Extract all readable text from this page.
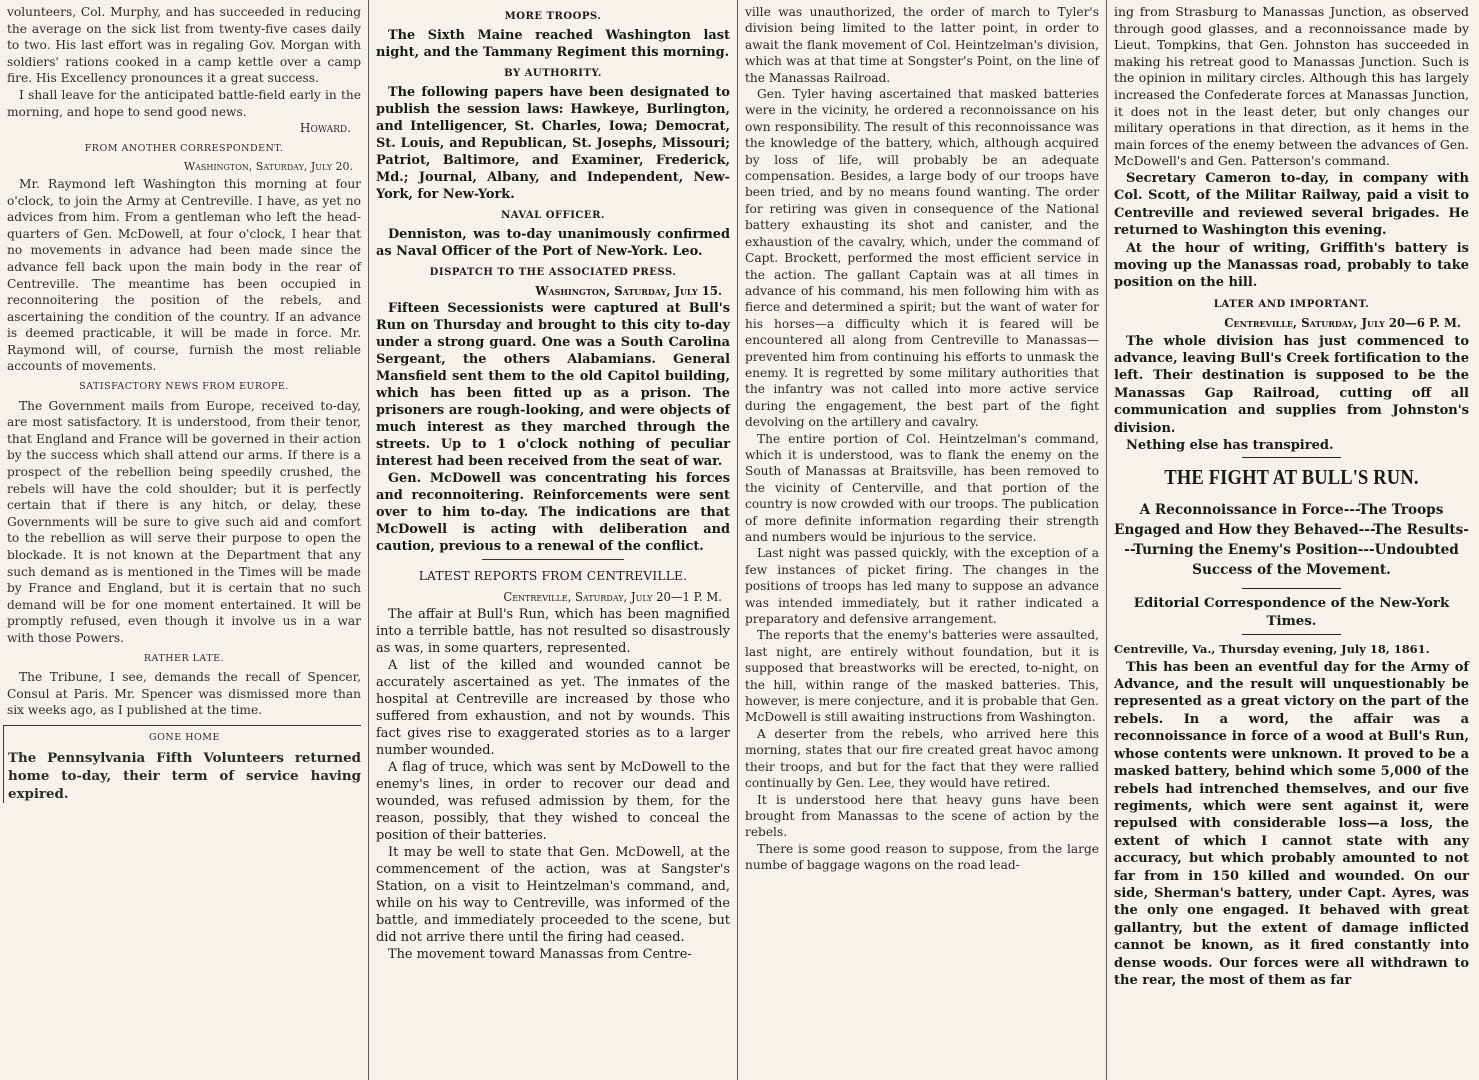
volunteers, Col. Murphy, and has succeeded in reducing the average on the sick list from twenty-five cases daily to two. His last effort was in regaling Gov. Morgan with soldiers' rations cooked in a camp kettle over a camp fire. His Excellency pronounces it a great success.

I shall leave for the anticipated battle-field early in the morning, and hope to send good news.

Howard.

FROM ANOTHER CORRESPONDENT.

Washington, Saturday, July 20.

Mr. Raymond left Washington this morning at four o'clock, to join the Army at Centreville. I have, as yet no advices from him. From a gentleman who left the head-quarters of Gen. McDowell, at four o'clock, I hear that no movements in advance had been made since the advance fell back upon the main body in the rear of Centreville. The meantime has been occupied in reconnoitering the position of the rebels, and ascertaining the condition of the country. If an advance is deemed practicable, it will be made in force. Mr. Raymond will, of course, furnish the most reliable accounts of movements.

SATISFACTORY NEWS FROM EUROPE.

The Government mails from Europe, received to-day, are most satisfactory. It is understood, from their tenor, that England and France will be governed in their action by the success which shall attend our arms. If there is a prospect of the rebellion being speedily crushed, the rebels will have the cold shoulder; but it is perfectly certain that if there is any hitch, or delay, these Governments will be sure to give such aid and comfort to the rebellion as will serve their purpose to open the blockade. It is not known at the Department that any such demand as is mentioned in the Times will be made by France and England, but it is certain that no such demand will be for one moment entertained. It will be promptly refused, even though it involve us in a war with those Powers.

RATHER LATE.

The Tribune, I see, demands the recall of Spencer, Consul at Paris. Mr. Spencer was dismissed more than six weeks ago, as I published at the time.

GONE HOME

The Pennsylvania Fifth Volunteers returned home to-day, their term of service having expired.

MORE TROOPS.

The Sixth Maine reached Washington last night, and the Tammany Regiment this morning.

BY AUTHORITY.

The following papers have been designated to publish the session laws: Hawkeye, Burlington, and Intelligencer, St. Charles, Iowa; Democrat, St. Louis, and Republican, St. Josephs, Missouri; Patriot, Baltimore, and Examiner, Frederick, Md.; Journal, Albany, and Independent, New-York, for New-York.

NAVAL OFFICER.

Denniston, was to-day unanimously confirmed as Naval Officer of the Port of New-York. Leo.

DISPATCH TO THE ASSOCIATED PRESS.

Washington, Saturday, July 15.

Fifteen Secessionists were captured at Bull's Run on Thursday and brought to this city to-day under a strong guard. One was a South Carolina Sergeant, the others Alabamians. General Mansfield sent them to the old Capitol building, which has been fitted up as a prison. The prisoners are rough-looking, and were objects of much interest as they marched through the streets. Up to 1 o'clock nothing of peculiar interest had been received from the seat of war.

Gen. McDowell was concentrating his forces and reconnoitering. Reinforcements were sent over to him to-day. The indications are that McDowell is acting with deliberation and caution, previous to a renewal of the conflict.

LATEST REPORTS FROM CENTREVILLE.

Centreville, Saturday, July 20—1 P. M.

The affair at Bull's Run, which has been magnified into a terrible battle, has not resulted so disastrously as was, in some quarters, represented.

A list of the killed and wounded cannot be accurately ascertained as yet. The inmates of the hospital at Centreville are increased by those who suffered from exhaustion, and not by wounds. This fact gives rise to exaggerated stories as to a larger number wounded.

A flag of truce, which was sent by McDowell to the enemy's lines, in order to recover our dead and wounded, was refused admission by them, for the reason, possibly, that they wished to conceal the position of their batteries.

It may be well to state that Gen. McDowell, at the commencement of the action, was at Sangster's Station, on a visit to Heintzelman's command, and, while on his way to Centreville, was informed of the battle, and immediately proceeded to the scene, but did not arrive there until the firing had ceased.

The movement toward Manassas from Centre-

ville was unauthorized, the order of march to Tyler's division being limited to the latter point, in order to await the flank movement of Col. Heintzelman's division, which was at that time at Songster's Point, on the line of the Manassas Railroad.

Gen. Tyler having ascertained that masked batteries were in the vicinity, he ordered a reconnoissance on his own responsibility. The result of this reconnoissance was the knowledge of the battery, which, although acquired by loss of life, will probably be an adequate compensation. Besides, a large body of our troops have been tried, and by no means found wanting. The order for retiring was given in consequence of the National battery exhausting its shot and canister, and the exhaustion of the cavalry, which, under the command of Capt. Brockett, performed the most efficient service in the action. The gallant Captain was at all times in advance of his command, his men following him with as fierce and determined a spirit; but the want of water for his horses—a difficulty which it is feared will be encountered all along from Centreville to Manassas—prevented him from continuing his efforts to unmask the enemy. It is regretted by some military authorities that the infantry was not called into more active service during the engagement, the best part of the fight devolving on the artillery and cavalry.

The entire portion of Col. Heintzelman's command, which it is understood, was to flank the enemy on the South of Manassas at Braitsville, has been removed to the vicinity of Centerville, and that portion of the country is now crowded with our troops. The publication of more definite information regarding their strength and numbers would be injurious to the service.

Last night was passed quickly, with the exception of a few instances of picket firing. The changes in the positions of troops has led many to suppose an advance was intended immediately, but it rather indicated a preparatory and defensive arrangement.

The reports that the enemy's batteries were assaulted, last night, are entirely without foundation, but it is supposed that breastworks will be erected, to-night, on the hill, within range of the masked batteries. This, however, is mere conjecture, and it is probable that Gen. McDowell is still awaiting instructions from Washington.

A deserter from the rebels, who arrived here this morning, states that our fire created great havoc among their troops, and but for the fact that they were rallied continually by Gen. Lee, they would have retired.

It is understood here that heavy guns have been brought from Manassas to the scene of action by the rebels.

There is some good reason to suppose, from the large numbe of baggage wagons on the road lead-

ing from Strasburg to Manassas Junction, as observed through good glasses, and a reconnoissance made by Lieut. Tompkins, that Gen. Johnston has succeeded in making his retreat good to Manassas Junction. Such is the opinion in military circles. Although this has largely increased the Confederate forces at Manassas Junction, it does not in the least deter, but only changes our military operations in that direction, as it hems in the main forces of the enemy between the advances of Gen. McDowell's and Gen. Patterson's command.

Secretary Cameron to-day, in company with Col. Scott, of the Militar Railway, paid a visit to Centreville and reviewed several brigades. He returned to Washington this evening.

At the hour of writing, Griffith's battery is moving up the Manassas road, probably to take position on the hill.

LATER AND IMPORTANT.

Centreville, Saturday, July 20—6 P. M.

The whole division has just commenced to advance, leaving Bull's Creek fortification to the left. Their destination is supposed to be the Manassas Gap Railroad, cutting off all communication and supplies from Johnston's division.

Nething else has transpired.

THE FIGHT AT BULL'S RUN.
A Reconnoissance in Force---The Troops Engaged and How they Behaved---The Results---Turning the Enemy's Position---Undoubted Success of the Movement.
Editorial Correspondence of the New-York Times.

Centreville, Va., Thursday evening, July 18, 1861.

This has been an eventful day for the Army of Advance, and the result will unquestionably be represented as a great victory on the part of the rebels. In a word, the affair was a reconnoissance in force of a wood at Bull's Run, whose contents were unknown. It proved to be a masked battery, behind which some 5,000 of the rebels had intrenched themselves, and our five regiments, which were sent against it, were repulsed with considerable loss—a loss, the extent of which I cannot state with any accuracy, but which probably amounted to not far from in 150 killed and wounded. On our side, Sherman's battery, under Capt. Ayres, was the only one engaged. It behaved with great gallantry, but the extent of damage inflicted cannot be known, as it fired constantly into dense woods. Our forces were all withdrawn to the rear, the most of them as far
